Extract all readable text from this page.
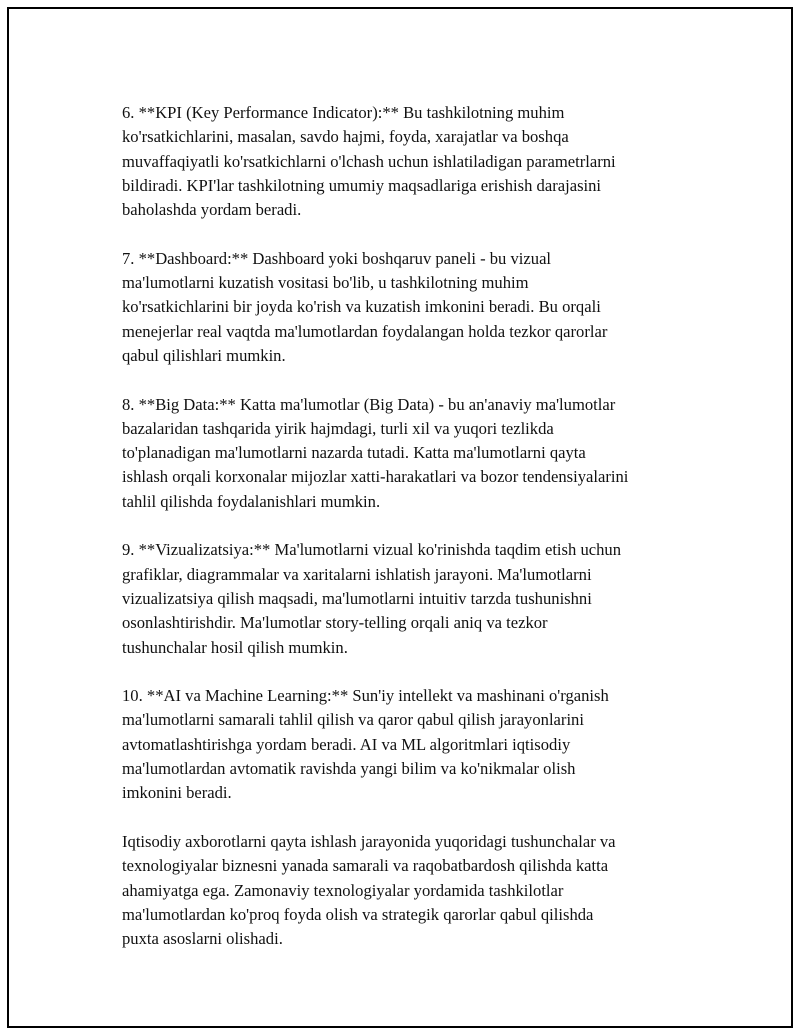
6. **KPI (Key Performance Indicator):** Bu tashkilotning muhim
ko'rsatkichlarini, masalan, savdo hajmi, foyda, xarajatlar va boshqa
muvaffaqiyatli ko'rsatkichlarni o'lchash uchun ishlatiladigan parametrlarni
bildiradi. KPI'lar tashkilotning umumiy maqsadlariga erishish darajasini
baholashda yordam beradi.

7. **Dashboard:** Dashboard yoki boshqaruv paneli - bu vizual
ma'lumotlarni kuzatish vositasi bo'lib, u tashkilotning muhim
ko'rsatkichlarini bir joyda ko'rish va kuzatish imkonini beradi. Bu orqali
menejerlar real vaqtda ma'lumotlardan foydalangan holda tezkor qarorlar
qabul qilishlari mumkin.

8. **Big Data:** Katta ma'lumotlar (Big Data) - bu an'anaviy ma'lumotlar
bazalaridan tashqarida yirik hajmdagi, turli xil va yuqori tezlikda
to'planadigan ma'lumotlarni nazarda tutadi. Katta ma'lumotlarni qayta
ishlash orqali korxonalar mijozlar xatti-harakatlari va bozor tendensiyalarini
tahlil qilishda foydalanishlari mumkin.

9. **Vizualizatsiya:** Ma'lumotlarni vizual ko'rinishda taqdim etish uchun
grafiklar, diagrammalar va xaritalarni ishlatish jarayoni. Ma'lumotlarni
vizualizatsiya qilish maqsadi, ma'lumotlarni intuitiv tarzda tushunishni
osonlashtirishdir. Ma'lumotlar story-telling orqali aniq va tezkor
tushunchalar hosil qilish mumkin.

10. **AI va Machine Learning:** Sun'iy intellekt va mashinani o'rganish
ma'lumotlarni samarali tahlil qilish va qaror qabul qilish jarayonlarini
avtomatlashtirishga yordam beradi. AI va ML algoritmlari iqtisodiy
ma'lumotlardan avtomatik ravishda yangi bilim va ko'nikmalar olish
imkonini beradi.

Iqtisodiy axborotlarni qayta ishlash jarayonida yuqoridagi tushunchalar va
texnologiyalar biznesni yanada samarali va raqobatbardosh qilishda katta
ahamiyatga ega. Zamonaviy texnologiyalar yordamida tashkilotlar
ma'lumotlardan ko'proq foyda olish va strategik qarorlar qabul qilishda
puxta asoslarni olishadi.
